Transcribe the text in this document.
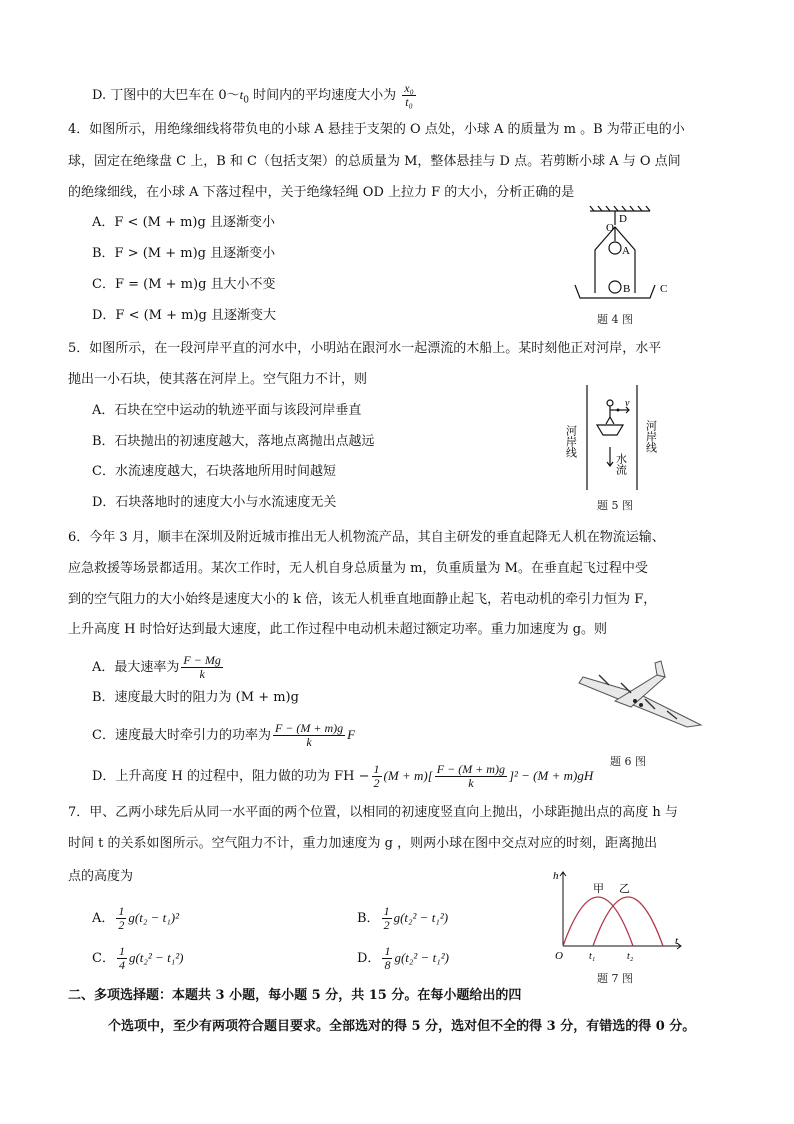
D. 丁图中的大巴车在 $0\sim t_0$ 时间内的平均速度大小为 $\frac{\text{x₀}}{\text{t₀}}$
4．如图所示，用绝缘细线将带负电的小球 A 悬挂于支架的 O 点处，小球 A 的质量为 m 。B 为带正电的小
球，固定在绝缘盘 C 上，B 和 C（包括支架）的总质量为 M，整体悬挂与 D 点。若剪断小球 A 与 O 点间
的绝缘细线，在小球 A 下落过程中，关于绝缘轻绳 OD 上拉力 F 的大小，分析正确的是
A．F < (M + m)g 且逐渐变小
B．F > (M + m)g 且逐渐变小
C．F = (M + m)g 且大小不变
D．F < (M + m)g 且逐渐变大
D
O
A
B	C
题 4 图
5．如图所示，在一段河岸平直的河水中，小明站在跟河水一起漂流的木船上。某时刻他正对河岸，水平
抛出一小石块，使其落在河岸上。空气阻力不计，则
A．石块在空中运动的轨迹平面与该段河岸垂直
B．石块抛出的初速度越大，落地点离抛出点越远
C．水流速度越大，石块落地所用时间越短
D．石块落地时的速度大小与水流速度无关
v
河岸线	河岸线
水流
题 5 图
6．今年 3 月，顺丰在深圳及附近城市推出无人机物流产品，其自主研发的垂直起降无人机在物流运输、
应急救援等场景都适用。某次工作时，无人机自身总质量为 m，负重质量为 M。在垂直起飞过程中受
到的空气阻力的大小始终是速度大小的 k 倍，该无人机垂直地面静止起飞，若电动机的牵引力恒为 F，
上升高度 H 时恰好达到最大速度，此工作过程中电动机未超过额定功率。重力加速度为 g。则
A．最大速率为 $\frac{F - Mg}{k}$
B．速度最大时的阻力为 (M + m)g
C．速度最大时牵引力的功率为 $\frac{F - (M + m)g}{k}$ F
D．上升高度 H 的过程中，阻力做的功为 FH − $\frac{1}{2} (M + m)[ \frac{F - (M + m)g}{k} ]^2 - (M + m)gH$
题 6 图
7．甲、乙两小球先后从同一水平面的两个位置，以相同的初速度竖直向上抛出，小球距抛出点的高度 h 与
时间 t 的关系如图所示。空气阻力不计，重力加速度为 g ，则两小球在图中交点对应的时刻，距离抛出
点的高度为
A． $\frac{1}{2} g(t_2 - t_1)^2$	B． $\frac{1}{2} g(t_2^2 - t_1^2)$
C． $\frac{1}{4} g(t_2^2 - t_1^2)$	D． $\frac{1}{8} g(t_2^2 - t_1^2)$
h
t
O	t₁	t₂
甲 乙
题 7 图
二、多项选择题：本题共 3 小题，每小题 5 分，共 15 分。在每小题给出的四
个选项中，至少有两项符合题目要求。全部选对的得 5 分，选对但不全的得 3 分，有错选的得 0 分。
